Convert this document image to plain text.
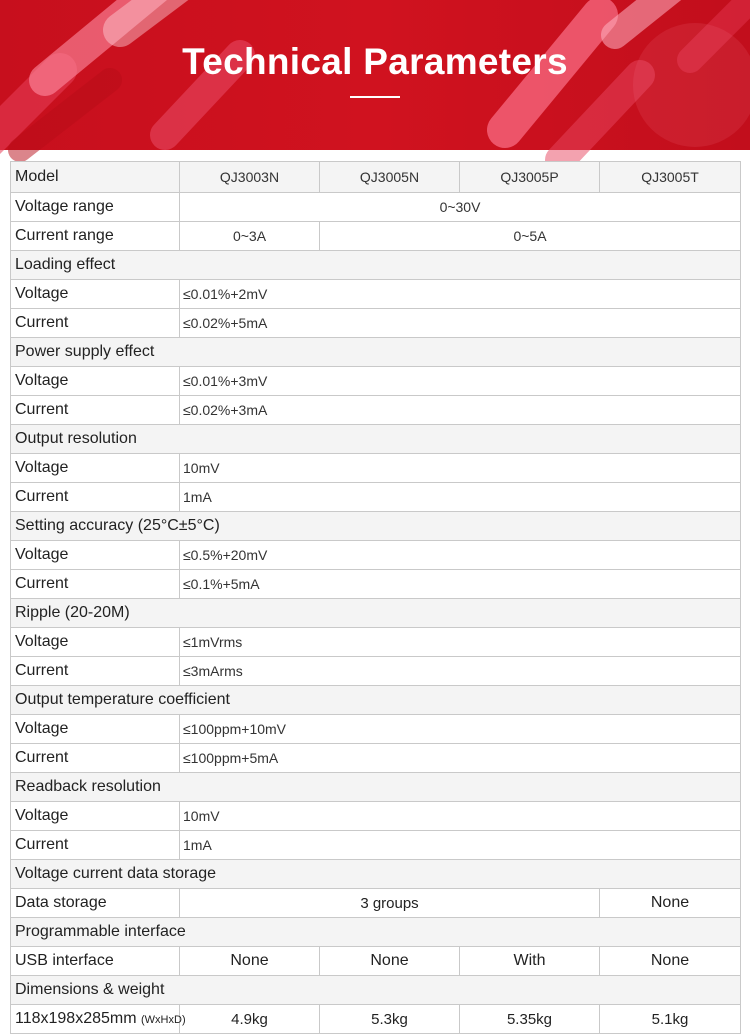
Technical Parameters
Model	QJ3003N	QJ3005N	QJ3005P	QJ3005T
Voltage range	0~30V			
Current range	0~3A	0~5A		
Loading effect				
Voltage	≤0.01%+2mV			
Current	≤0.02%+5mA			
Power supply effect				
Voltage	≤0.01%+3mV			
Current	≤0.02%+3mA			
Output resolution				
Voltage	10mV			
Current	1mA			
Setting accuracy (25°C±5°C)				
Voltage	≤0.5%+20mV			
Current	≤0.1%+5mA			
Ripple (20-20M)				
Voltage	≤1mVrms			
Current	≤3mArms			
Output temperature coefficient				
Voltage	≤100ppm+10mV			
Current	≤100ppm+5mA			
Readback resolution				
Voltage	10mV			
Current	1mA			
Voltage current data storage				
Data storage	3 groups			None
Programmable interface				
USB interface	None	None	With	None
Dimensions & weight				
118x198x285mm (WxHxD)	4.9kg	5.3kg	5.35kg	5.1kg
